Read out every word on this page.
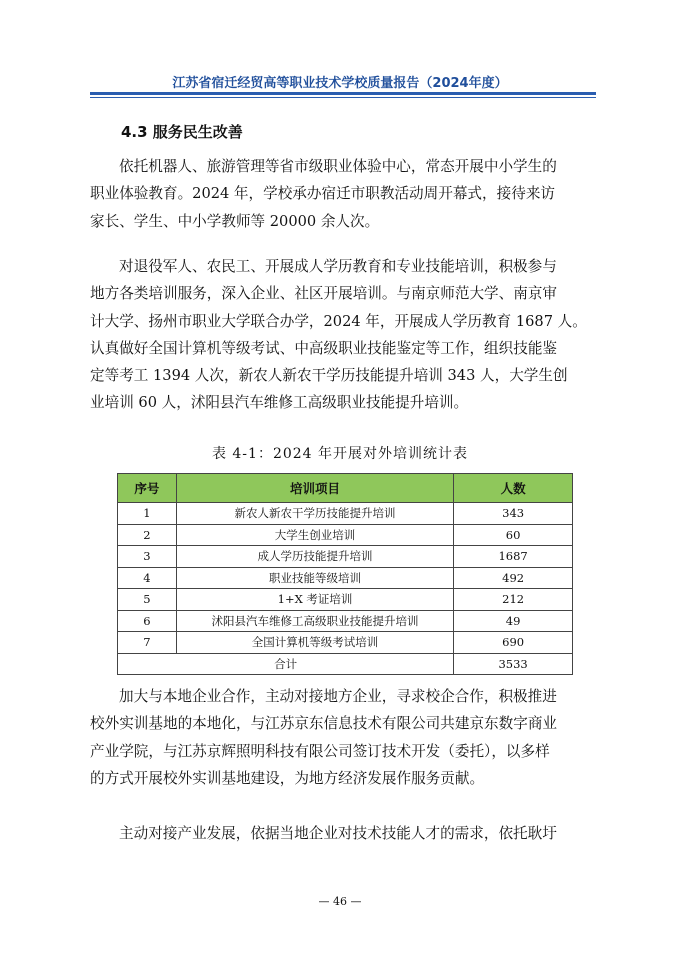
江苏省宿迁经贸高等职业技术学校质量报告（2024年度）
4.3 服务民生改善
依托机器人、旅游管理等省市级职业体验中心，常态开展中小学生的
职业体验教育。2024 年，学校承办宿迁市职教活动周开幕式，接待来访
家长、学生、中小学教师等 20000 余人次。
对退役军人、农民工、开展成人学历教育和专业技能培训，积极参与
地方各类培训服务，深入企业、社区开展培训。与南京师范大学、南京审
计大学、扬州市职业大学联合办学，2024 年，开展成人学历教育 1687 人。
认真做好全国计算机等级考试、中高级职业技能鉴定等工作，组织技能鉴
定等考工 1394 人次，新农人新农干学历技能提升培训 343 人，大学生创
业培训 60 人，沭阳县汽车维修工高级职业技能提升培训。
表 4-1：2024 年开展对外培训统计表
序号	培训项目	人数
1	新农人新农干学历技能提升培训	343
2	大学生创业培训	60
3	成人学历技能提升培训	1687
4	职业技能等级培训	492
5	1+X 考证培训	212
6	沭阳县汽车维修工高级职业技能提升培训	49
7	全国计算机等级考试培训	690
合计		3533
加大与本地企业合作，主动对接地方企业，寻求校企合作，积极推进
校外实训基地的本地化，与江苏京东信息技术有限公司共建京东数字商业
产业学院，与江苏京辉照明科技有限公司签订技术开发（委托），以多样
的方式开展校外实训基地建设，为地方经济发展作服务贡献。
主动对接产业发展，依据当地企业对技术技能人才的需求，依托耿圩
— 46 —
